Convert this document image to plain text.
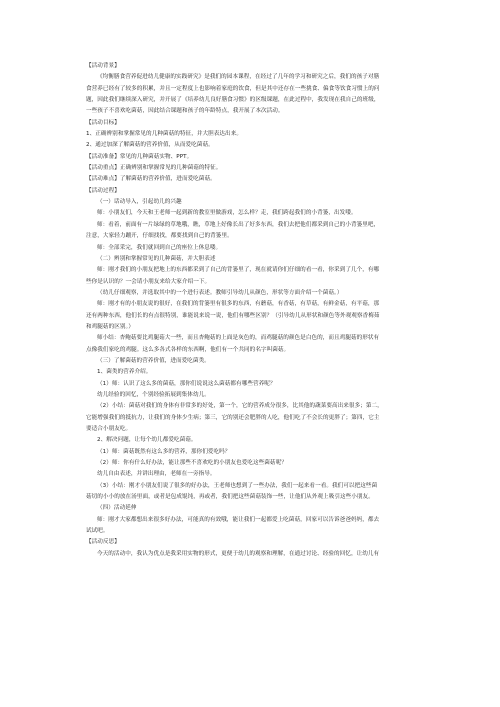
【活动背景】
《均衡膳食营养促进幼儿健康的实践研究》是我们的园本课程，在经过了几年的学习和研究之后，我们的孩子对膳
食营养已经有了较多的积累，并且一定程度上也影响着家庭的饮食，但是其中还存在一些挑食、偏食等饮食习惯上的问
题，因此我们继续深入研究，并开展了《培养幼儿良好膳食习惯》的区级课题，在此过程中，我发现在我自己的班级，
一些孩子不喜欢吃菌菇，因此结合课题和孩子的年龄特点，我开展了本次活动。
【活动目标】
1、正确辨别和掌握常见的几种菌菇的特征，并大胆表达出来。
2、通过加深了解菌菇的营养价值，从而爱吃菌菇。
【活动准备】常见的几种菌菇实物、PPT。
【活动重点】正确辨别和掌握常见的几种菌菇的特征。
【活动难点】了解菌菇的营养价值，进而爱吃菌菇。
【活动过程】
（一）话动导入，引起幼儿的兴趣
师：小朋友们，今天和王老师一起到新的教室里做游戏，怎么样？走，我们跨起我们的小背篓，出发喽。
师：看着，前面有一片绿绿的草地哦，瞧，草地上好像长出了好多东西，我们去把他们都采到自己的小背篓里吧，
注意，大家轻力蹦开，仔细找找，都要找到自己的背篓里。
师：全部采完，我们就回到自己的座位上休息喽。
（二）辨别和掌握常见的几种菌菇，并大胆表述
师：刚才我们的小朋友把地上的东西都采到了自己的背篓里了，现在就请你们仔细的看一看，你采到了几个，有哪
些你是认识的？一会请小朋友来给大家介绍一下。
（幼儿仔细观察，并选取其中的一个进行表述。教师引导幼儿从颜色，形状等方面介绍一个菌菇。）
师：刚才有的小朋友说的很好，在我们的背篓里有很多的东西，有蘑菇，有香菇，有草菇，有鲜金菇，有平菇，那
还有两种东西，他们长的有点很特别，谁能说来说一说，他们有哪些区别？（引导幼儿从形状和颜色等外观观察香梅茹
和鸡腿菇的区别。）
师小结：杏鲍菇要比鸡腿菇大一些，而且杏鲍菇的上面是灰色的，而鸡腿菇的颜色是白色的，而且鸡腿菇的形状有
点像我们家吃的鸡腿。这么多各式各样的东西啊，他们有一个共同的名字叫菌菇。
（三）了解菌菇的营养价值，进而爱吃菌类。
1、菌类的营养介绍。
（1）师：认识了这么多的菌菇，那你们说说这么菌菇都有哪些营养呢？
幼儿经验的回忆，个别经验拓展到集体幼儿。
（2）小结：菌菇对我们的身体有非常多的好处，第一个，它的营养成分很多，比其他的蔬菜要高出来很多；第二，
它能增强我们的抵抗力，让我们的身体少生病；第三，它的别还会肥胖的人吃，他们吃了不会长的更胖了；第四，它主
要适合小朋友吃。
2、解决问题，让每个幼儿都爱吃菌菇。
（1）师：菌菇既然有这么多的营养，那你们爱吃吗？
（2）师：你有什么好办法，能让那些不喜欢吃的小朋友也爱吃这些菌菇呢？
幼儿自由表述，并讲出理由，老师在一旁指导。
（3）小结：刚才小朋友们说了很多的好办法，王老师也想到了一些办法，我们一起来看一看。我们可以把这些菌
菇切的小小的放在汤里面，或者是包成馄饨，再或者，我们把这些菌菇装饰一些，让他们从外观上吸引这些小朋友。
（四）活动延伸
师：刚才大家都想出来很多好办法，可能真的有效哦，能让我们一起都爱上吃菌菇，回家可以告诉爸爸妈妈，都去
试试吧。
【活动反思】
今天的活动中，我认为优点是我采用实物的形式，更便于幼儿的观察和理解，在通过讨论、经验的回忆，让幼儿有
